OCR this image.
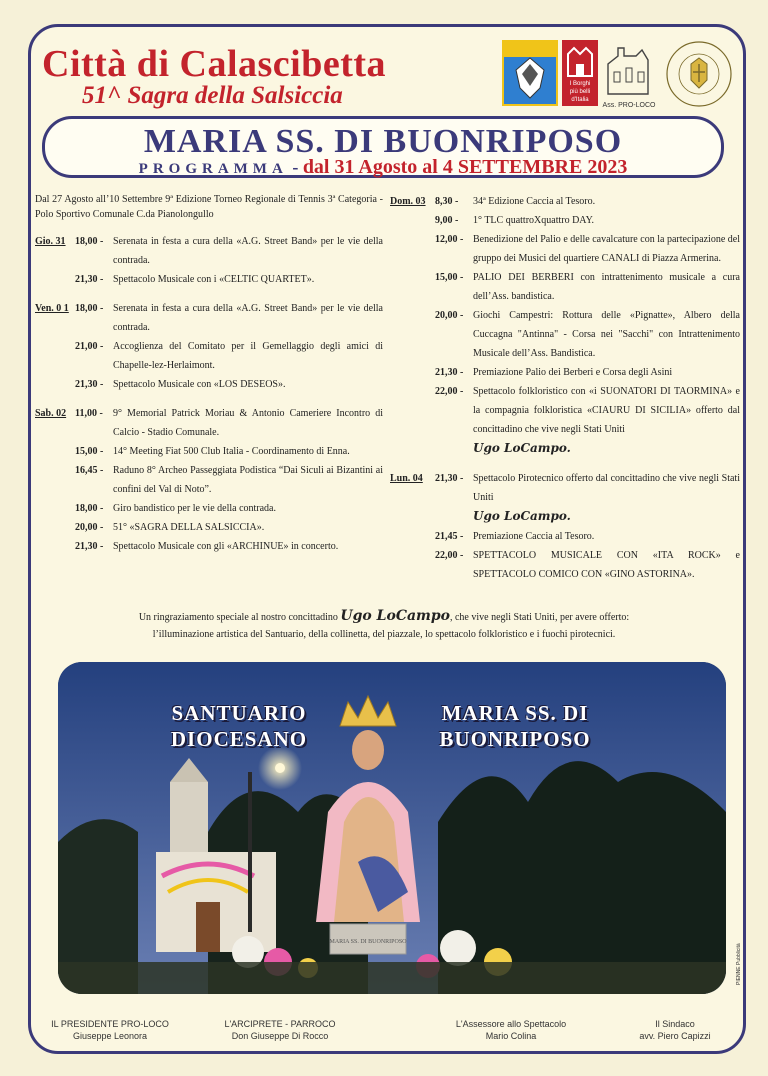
Città di Calascibetta
51^ Sagra della Salsiccia	I Borghi
più belli
d'Italia
Ass. PRO-LOCO
MARIA SS. DI BUONRIPOSO
PROGRAMMA - dal 31 Agosto al 4 SETTEMBRE 2023
Dal 27 Agosto all’10 Settembre 9ª Edizione Torneo Regionale di Tennis 3ª Categoria - Polo Sportivo Comunale C.da Pianolongullo
Gio. 31 18,00 - Serenata in festa a cura della «A.G. Street Band» per le vie della contrada.
21,30 - Spettacolo Musicale con i «CELTIC QUARTET».
Ven. 0 1 18,00 - Serenata in festa a cura della «A.G. Street Band» per le vie della contrada.
21,00 - Accoglienza del Comitato per il Gemellaggio degli amici di Chapelle-lez-Herlaimont.
21,30 - Spettacolo Musicale con «LOS DESEOS».
Sab. 02 11,00 -	9° Memorial Patrick Moriau & Antonio Cameriere Incontro di Calcio - Stadio Comunale.
15,00 - 14° Meeting Fiat 500 Club Italia - Coordinamento di Enna.
16,45 - Raduno 8° Archeo Passeggiata Podistica “Dai Siculi ai Bizantini ai confini del Val di Noto”.
18,00 - Giro bandistico per le vie della contrada.
20,00 - 51° «SAGRA DELLA SALSICCIA».
21,30 - Spettacolo Musicale con gli «ARCHINUE» in concerto.
Dom. 03 8,30 -	34ª Edizione Caccia al Tesoro.
9,00 -	1° TLC quattroXquattro DAY.
12,00 - Benedizione del Palio e delle cavalcature con la partecipazione del gruppo dei Musici del quartiere CANALI di Piazza Armerina.
15,00 - PALIO DEI BERBERI con intrattenimento musicale a cura dell’Ass. bandistica.
20,00 - Giochi Campestri: Rottura delle «Pignatte», Albero della Cuccagna "Antinna" - Corsa nei "Sacchi" con Intrattenimento Musicale dell’Ass. Bandistica.
21,30 - Premiazione Palio dei Berberi e Corsa degli Asini
22,00 - Spettacolo folkloristico con «i SUONATORI DI TAORMINA» e la compagnia folkloristica «CIAURU DI SICILIA» offerto dal concittadino che vive negli Stati Uniti
Ugo LoCampo.
Lun. 04 21,30 - Spettacolo Pirotecnico offerto dal concittadino che vive negli Stati Uniti
Ugo LoCampo.
21,45 - Premiazione Caccia al Tesoro.
22,00 - SPETTACOLO MUSICALE CON «ITA ROCK» e SPETTACOLO COMICO CON «GINO ASTORINA».
Un ringraziamento speciale al nostro concittadino Ugo LoCampo, che vive negli Stati Uniti, per avere offerto:
l’illuminazione artistica del Santuario, della collinetta, del piazzale, lo spettacolo folkloristico e i fuochi pirotecnici.
MARIA SS. DI BUONRIPOSO
SANTUARIO
DIOCESANO
MARIA SS. DI
BUONRIPOSO
PIENNE Pubblicità
IL PRESIDENTE PRO-LOCO
Giuseppe Leonora
L'ARCIPRETE - PARROCO
Don Giuseppe Di Rocco
L'Assessore allo Spettacolo
Mario Colina
Il Sindaco
avv. Piero Capizzi
